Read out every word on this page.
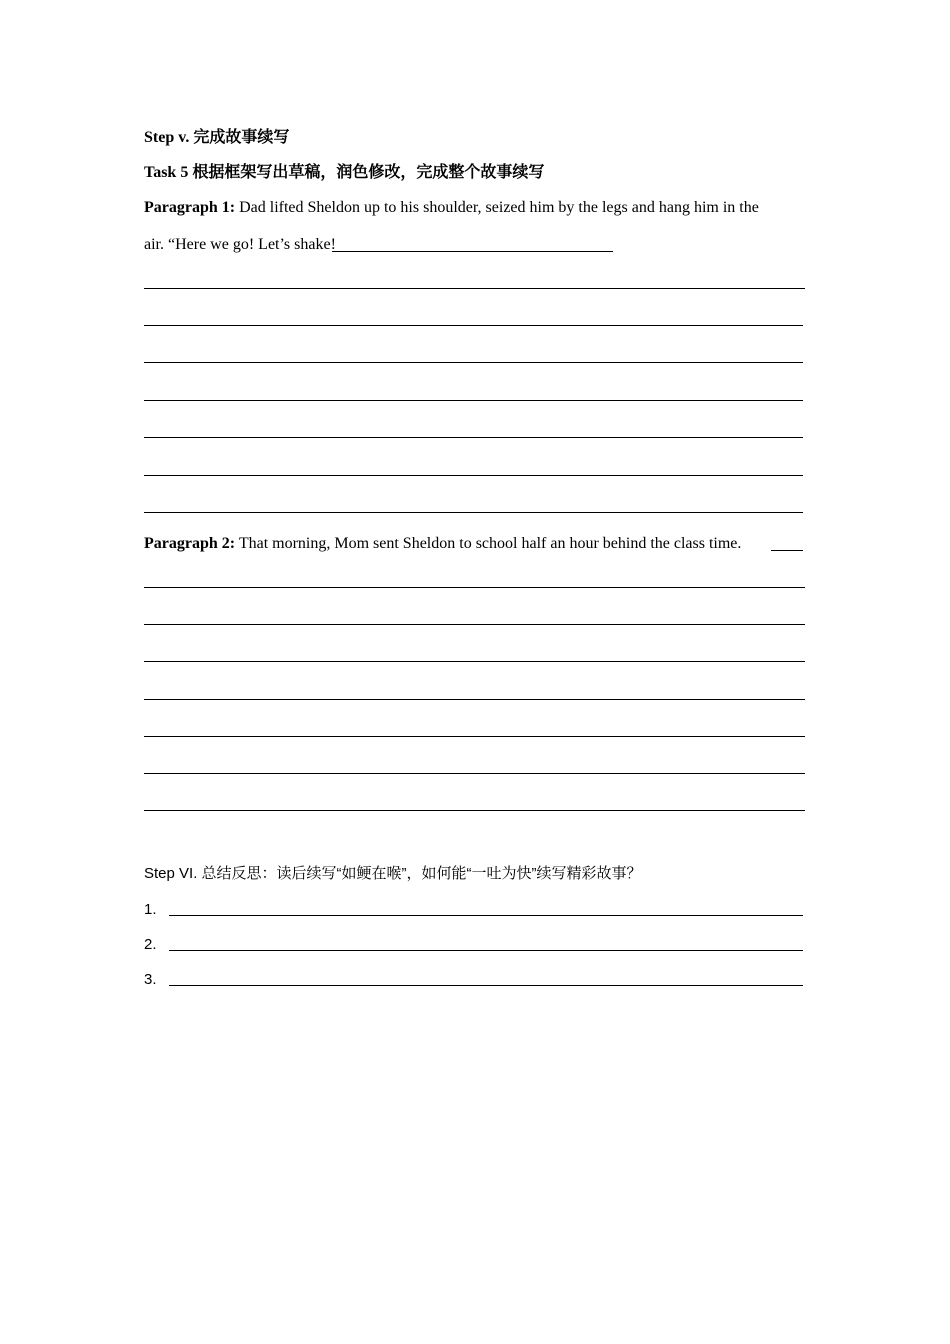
Step v. 完成故事续写
Task 5 根据框架写出草稿，润色修改，完成整个故事续写
Paragraph 1: Dad lifted Sheldon up to his shoulder, seized him by the legs and hang him in the
air. “Here we go! Let’s shake!
Paragraph 2: That morning, Mom sent Sheldon to school half an hour behind the class time.
Step VI. 总结反思：读后续写“如鲠在喉”，如何能“一吐为快”续写精彩故事？
1.
2.
3.
